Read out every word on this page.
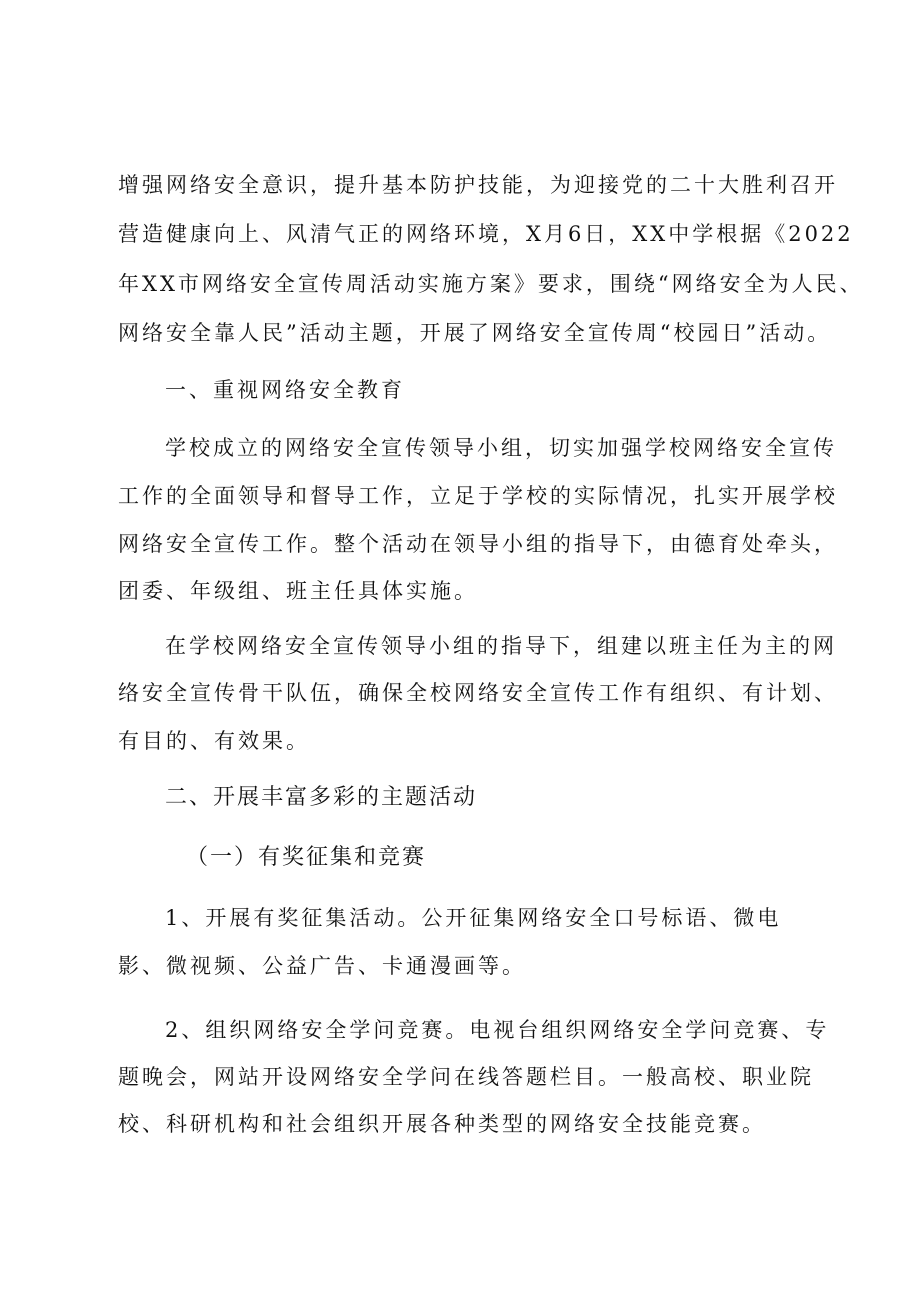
增强网络安全意识，提升基本防护技能，为迎接党的二十大胜利召开
营造健康向上、风清气正的网络环境，X月6日，XX中学根据《2022
年XX市网络安全宣传周活动实施方案》要求，围绕“网络安全为人民、
网络安全靠人民”活动主题，开展了网络安全宣传周“校园日”活动。
一、重视网络安全教育
学校成立的网络安全宣传领导小组，切实加强学校网络安全宣传
工作的全面领导和督导工作，立足于学校的实际情况，扎实开展学校
网络安全宣传工作。整个活动在领导小组的指导下，由德育处牵头，
团委、年级组、班主任具体实施。
在学校网络安全宣传领导小组的指导下，组建以班主任为主的网
络安全宣传骨干队伍，确保全校网络安全宣传工作有组织、有计划、
有目的、有效果。
二、开展丰富多彩的主题活动
（一）有奖征集和竞赛
1、开展有奖征集活动。公开征集网络安全口号标语、微电
影、微视频、公益广告、卡通漫画等。
2、组织网络安全学问竞赛。电视台组织网络安全学问竞赛、专
题晚会，网站开设网络安全学问在线答题栏目。一般高校、职业院
校、科研机构和社会组织开展各种类型的网络安全技能竞赛。
